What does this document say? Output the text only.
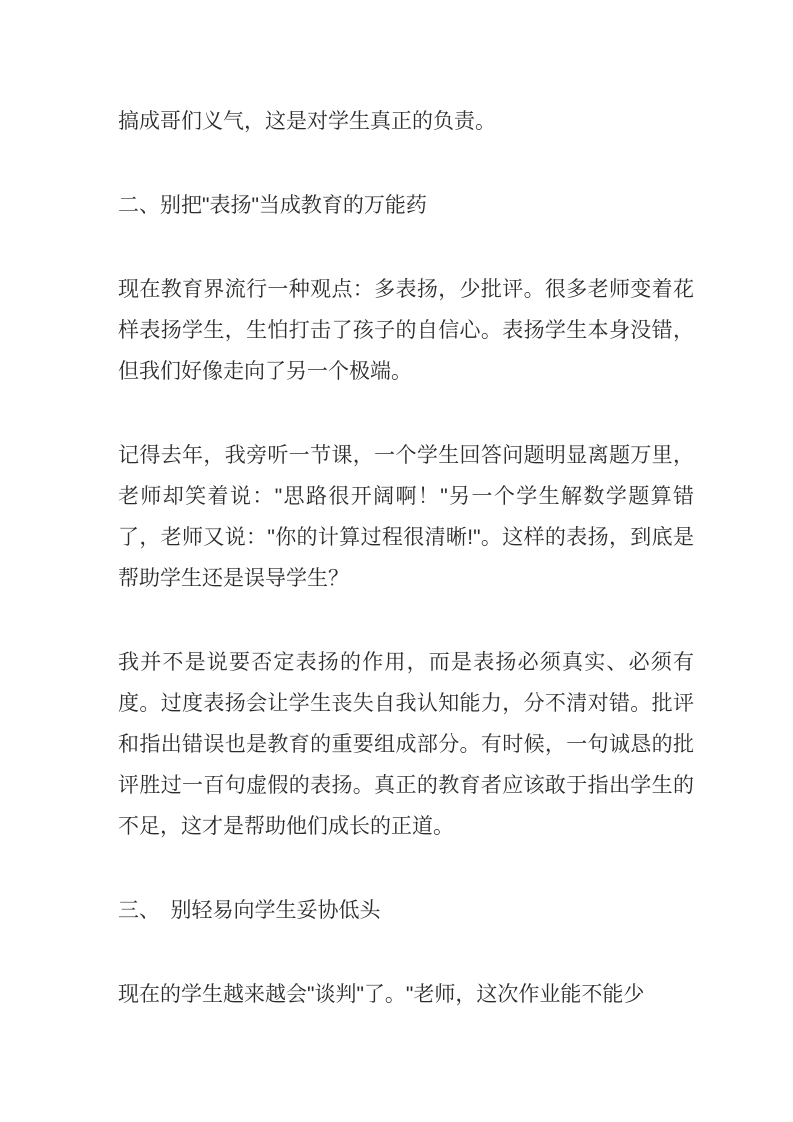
搞成哥们义气，这是对学生真正的负责。

二、别把"表扬"当成教育的万能药

现在教育界流行一种观点：多表扬，少批评。很多老师变着花样表扬学生，生怕打击了孩子的自信心。表扬学生本身没错，但我们好像走向了另一个极端。

记得去年，我旁听一节课，一个学生回答问题明显离题万里，老师却笑着说："思路很开阔啊！"另一个学生解数学题算错了，老师又说："你的计算过程很清晰!"。这样的表扬，到底是帮助学生还是误导学生？

我并不是说要否定表扬的作用，而是表扬必须真实、必须有度。过度表扬会让学生丧失自我认知能力，分不清对错。批评和指出错误也是教育的重要组成部分。有时候，一句诚恳的批评胜过一百句虚假的表扬。真正的教育者应该敢于指出学生的不足，这才是帮助他们成长的正道。

三、　别轻易向学生妥协低头

现在的学生越来越会"谈判"了。"老师，这次作业能不能少
